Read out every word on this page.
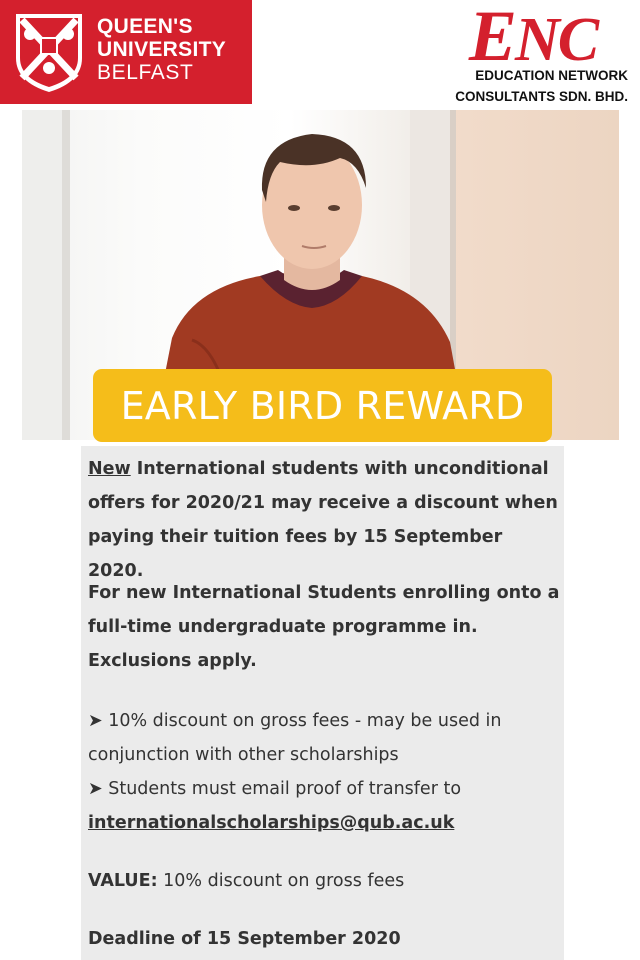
QUEEN'S
UNIVERSITY
BELFAST	ENC
EDUCATION NETWORK
CONSULTANTS SDN. BHD.
EARLY BIRD REWARD
New International students with unconditional offers for 2020/21 may receive a discount when paying their tuition fees by 15 September 2020.
For new International Students enrolling onto a full-time undergraduate programme in. Exclusions apply.
➤ 10% discount on gross fees - may be used in conjunction with other scholarships
➤ Students must email proof of transfer to
internationalscholarships@qub.ac.uk
VALUE: 10% discount on gross fees
Deadline of 15 September 2020
